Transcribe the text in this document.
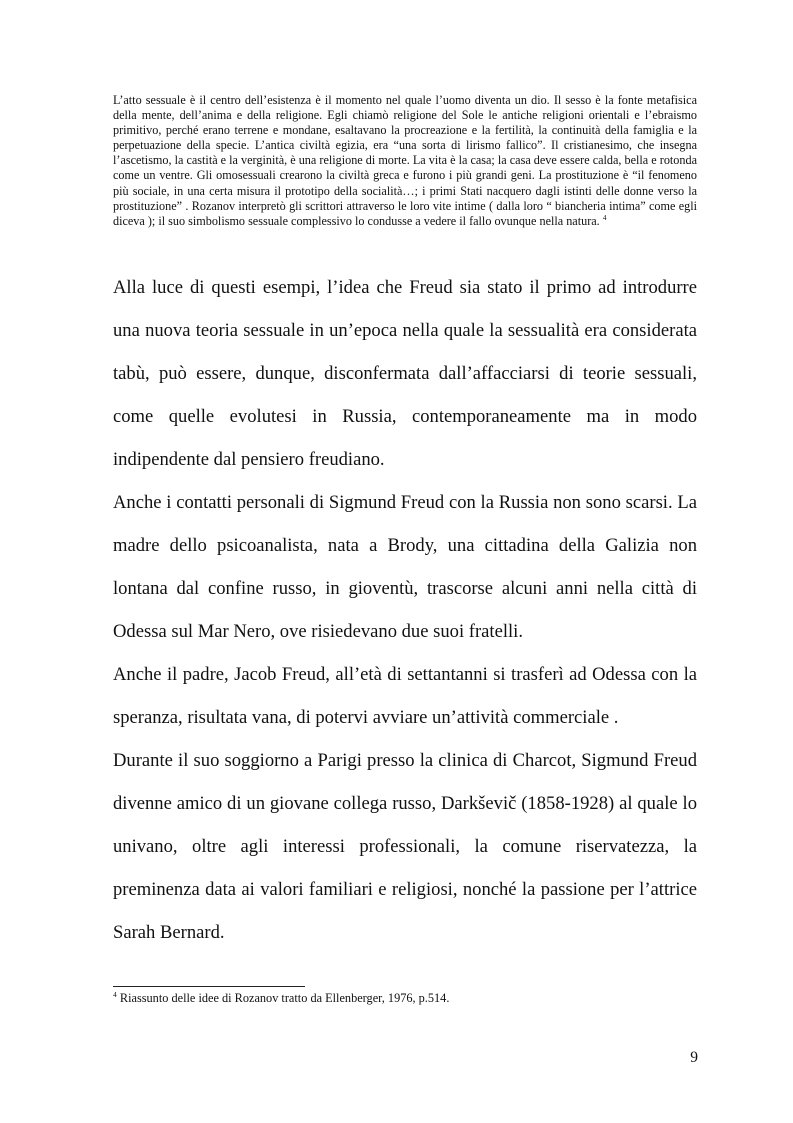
L’atto sessuale è il centro dell’esistenza è il momento nel quale l’uomo diventa un dio. Il sesso è la fonte metafisica della mente, dell’anima e della religione. Egli chiamò religione del Sole le antiche religioni orientali e l’ebraismo primitivo, perché erano terrene e mondane, esaltavano la procreazione e la fertilità, la continuità della famiglia e la perpetuazione della specie. L’antica civiltà egizia, era “una sorta di lirismo fallico”. Il cristianesimo, che insegna l’ascetismo, la castità e la verginità, è una religione di morte. La vita è la casa; la casa deve essere calda, bella e rotonda come un ventre. Gli omosessuali crearono la civiltà greca e furono i più grandi geni. La prostituzione è “il fenomeno più sociale, in una certa misura il prototipo della socialità…; i primi Stati nacquero dagli istinti delle donne verso la prostituzione” . Rozanov interpretò gli scrittori attraverso le loro vite intime ( dalla loro “ biancheria intima” come egli diceva ); il suo simbolismo sessuale complessivo lo condusse a vedere il fallo ovunque nella natura. $^4$

Alla luce di questi esempi, l’idea che Freud sia stato il primo ad introdurre una nuova teoria sessuale in un’epoca nella quale la sessualità era considerata tabù, può essere, dunque, disconfermata dall’affacciarsi di teorie sessuali, come quelle evolutesi in Russia, contemporaneamente ma in modo indipendente dal pensiero freudiano.

Anche i contatti personali di Sigmund Freud con la Russia non sono scarsi. La madre dello psicoanalista, nata a Brody, una cittadina della Galizia non lontana dal confine russo, in gioventù, trascorse alcuni anni nella città di Odessa sul Mar Nero, ove risiedevano due suoi fratelli.

Anche il padre, Jacob Freud, all’età di settantanni si trasferì ad Odessa con la speranza, risultata vana, di potervi avviare un’attività commerciale .

Durante il suo soggiorno a Parigi presso la clinica di Charcot, Sigmund Freud divenne amico di un giovane collega russo, Darkševič (1858-1928) al quale lo univano, oltre agli interessi professionali, la comune riservatezza, la preminenza data ai valori familiari e religiosi, nonché la passione per l’attrice Sarah Bernard.

$^4$ Riassunto delle idee di Rozanov tratto da Ellenberger, 1976, p.514.

9
